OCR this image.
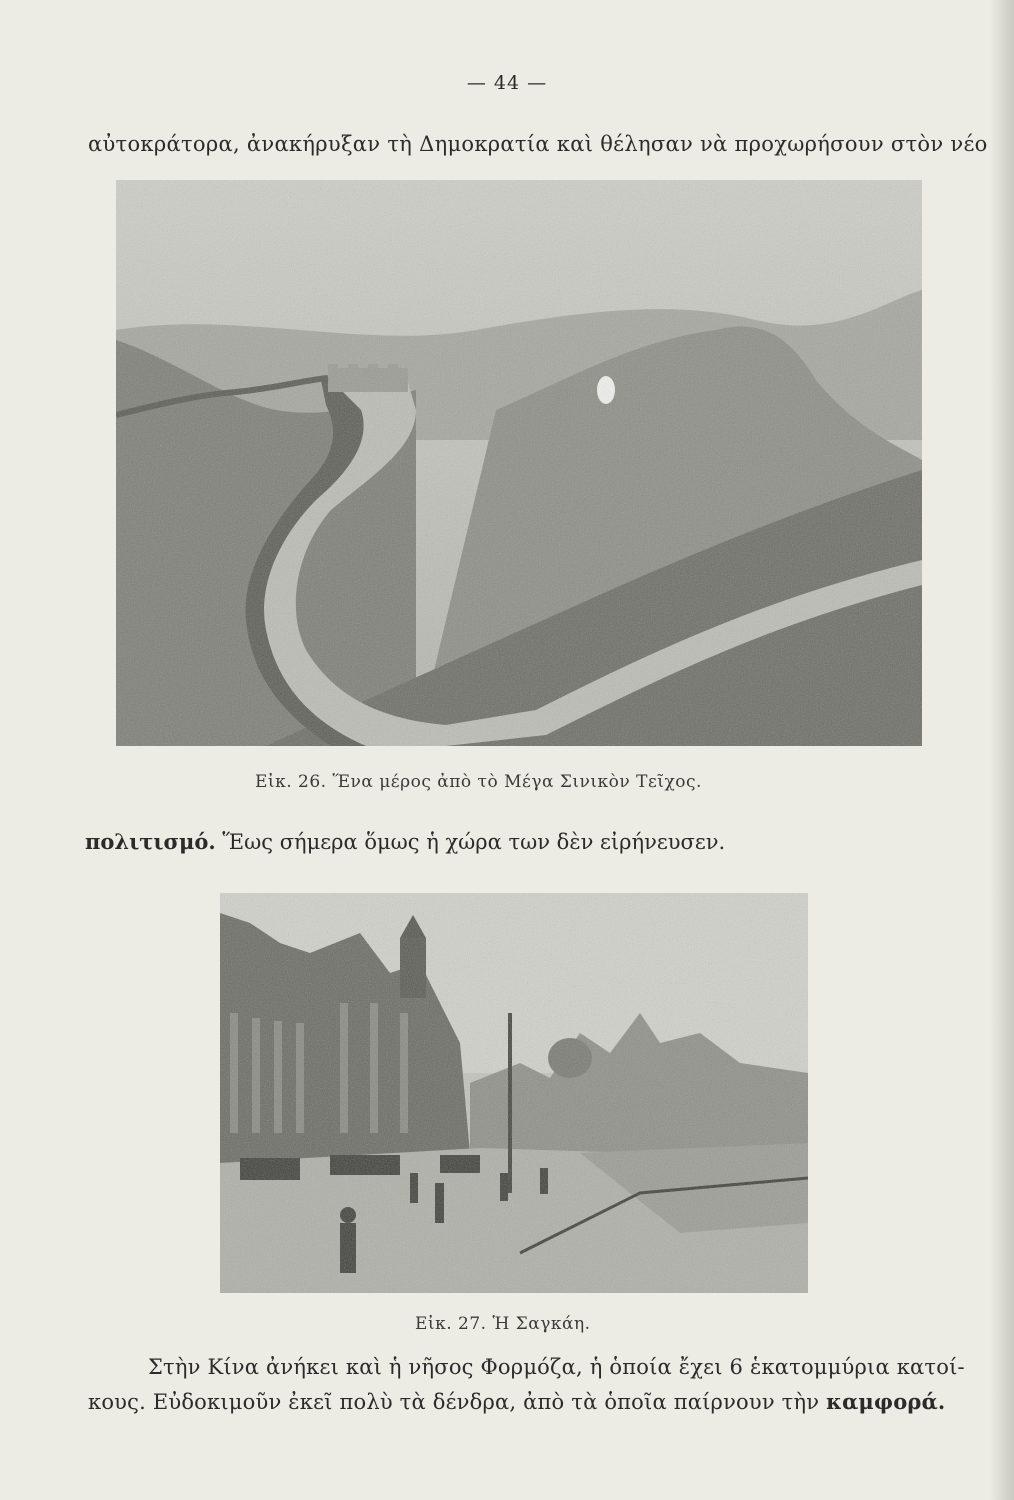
— 44 —
αὐτοκράτορα, ἀνακήρυξαν τὴ Δημοκρατία καὶ θέλησαν νὰ προχωρήσουν στὸν νέο
Εἰκ. 26. Ἕνα μέρος ἀπὸ τὸ Μέγα Σινικὸν Τεῖχος.
πολιτισμό. Ἕως σήμερα ὅμως ἡ χώρα των δὲν εἰρήνευσεν.
Εἰκ. 27. Ἡ Σαγκάη.
Στὴν Κίνα ἀνήκει καὶ ἡ νῆσος Φορμόζα, ἡ ὁποία ἔχει 6 ἑκατομμύρια κατοί-
κους. Εὐδοκιμοῦν ἐκεῖ πολὺ τὰ δένδρα, ἀπὸ τὰ ὁποῖα παίρνουν τὴν καμφορά.
